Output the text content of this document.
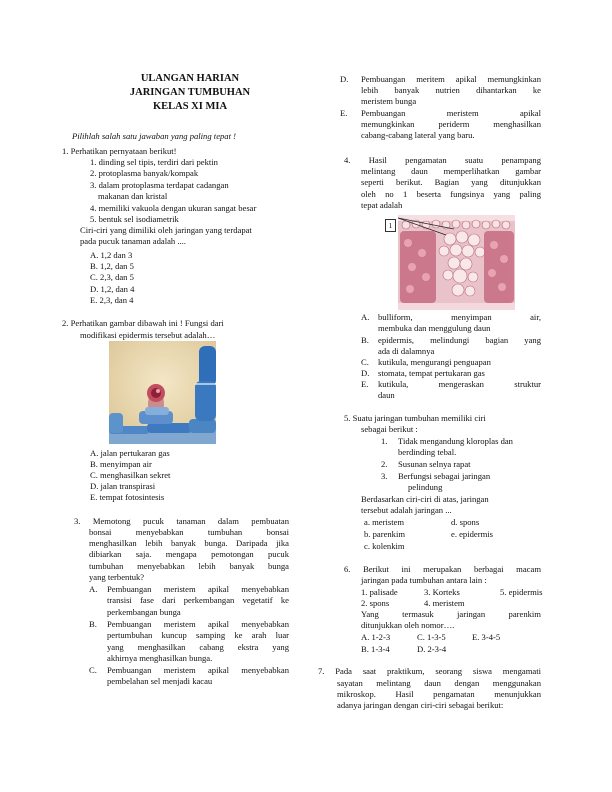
ULANGAN HARIAN
JARINGAN TUMBUHAN
KELAS XI MIA
Pilihlah salah satu jawaban yang paling tepat !
1. Perhatikan pernyataan berikut!
1. dinding sel tipis, terdiri dari pektin
2. protoplasma banyak/kompak
3. dalam protoplasma terdapat cadangan
makanan dan kristal
4. memiliki vakuola dengan ukuran sangat besar
5. bentuk sel isodiametrik
Ciri-ciri yang dimiliki oleh jaringan yang terdapat
pada pucuk tanaman adalah ....
A. 1,2 dan 3
B. 1,2, dan 5
C. 2,3, dan 5
D. 1,2, dan 4
E. 2,3, dan 4
2. Perhatikan gambar dibawah ini ! Fungsi dari
modifikasi epidermis tersebut adalah…
A. jalan pertukaran gas
B. menyimpan air
C. menghasilkan sekret
D. jalan transpirasi
E. tempat fotosintesis
3. Memotong pucuk tanaman dalam pembuatan
bonsai menyebabkan tumbuhan bonsai
menghasilkan lebih banyak bunga. Daripada jika
dibiarkan saja. mengapa pemotongan pucuk
tumbuhan menyebabkan lebih banyak bunga
yang terbentuk?
A. Pembuangan meristem apikal menyebabkan
transisi fase dari perkembangan vegetatif ke
perkembangan bunga
B. Pembuangan meristem apikal menyebabkan
pertumbuhan kuncup samping ke arah luar
yang menghasilkan cabang ekstra yang
akhirnya menghasilkan bunga.
C. Pembuangan meristem apikal menyebabkan
pembelahan sel menjadi kacau
D. Pembuangan meritem apikal memungkinkan
lebih banyak nutrien dihantarkan ke
meristem bunga
E. Pembuangan meristem apikal
memungkinkan periderm menghasilkan
cabang-cabang lateral yang baru.
4. Hasil pengamatan suatu penampang
melintang daun memperlihatkan gambar
seperti berikut. Bagian yang ditunjukkan
oleh no 1 beserta fungsinya yang paling
tepat adalah
1
A. bulliform, menyimpan air,
membuka dan menggulung daun
B. epidermis, melindungi bagian yang
ada di dalamnya
C. kutikula, mengurangi penguapan
D. stomata, tempat pertukaran gas
E. kutikula, mengeraskan struktur
daun
5. Suatu jaringan tumbuhan memiliki ciri
sebagai berikut :
1. Tidak mengandung kloroplas dan
berdinding tebal.
2. Susunan selnya rapat
3. Berfungsi sebagai jaringan
pelindung
Berdasarkan ciri-ciri di atas, jaringan
tersebut adalah jaringan ...
a. meristem	d. spons
b. parenkim	e. epidermis
c. kolenkim
6. Berikut ini merupakan berbagai macam
jaringan pada tumbuhan antara lain :
1. palisade	3. Korteks	5. epidermis
2. spons	4. meristem
Yang termasuk jaringan parenkim
ditunjukkan oleh nomor….
A. 1-2-3	C. 1-3-5	E. 3-4-5
B. 1-3-4	D. 2-3-4
7. Pada saat praktikum, seorang siswa mengamati
sayatan melintang daun dengan menggunakan
mikroskop. Hasil pengamatan menunjukkan
adanya jaringan dengan ciri-ciri sebagai berikut:
